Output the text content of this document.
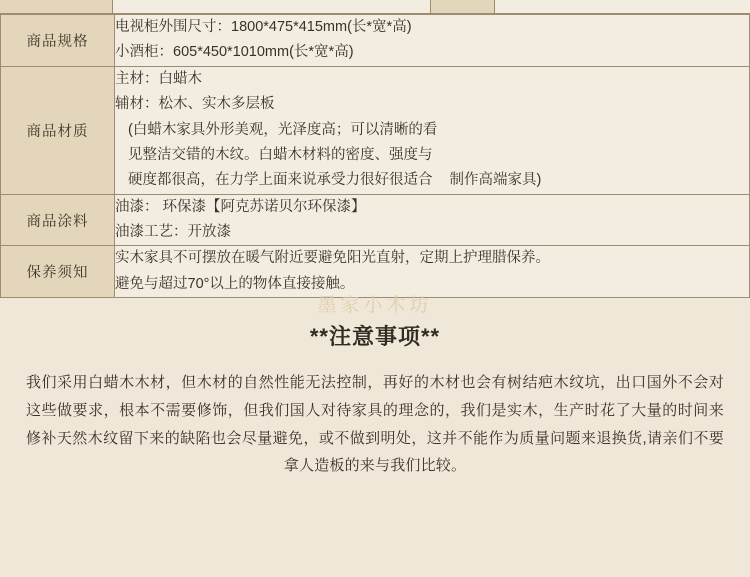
商品规格	电视柜外围尺寸：1800*475*415mm(长*宽*高)
小酒柜：605*450*1010mm(长*宽*高)

商品材质	主材：白蜡木
辅材：松木、实木多层板
(白蜡木家具外形美观，光泽度高；可以清晰的看 见整洁交错的木纹。白蜡木材料的密度、强度与 硬度都很高，在力学上面来说承受力很好很适合 制作高端家具)
商品涂料	油漆： 环保漆【阿克苏诺贝尔环保漆】
油漆工艺：开放漆

保养须知	实木家具不可摆放在暖气附近要避免阳光直射，定期上护理腊保养。
避免与超过70°以上的物体直接接触。
墨家小木坊
**注意事项**

我们采用白蜡木木材，但木材的自然性能无法控制，再好的木材也会有树结疤木纹坑，出口国外不会对这些做要求，根本不需要修饰，但我们国人对待家具的理念的，我们是实木，生产时花了大量的时间来修补天然木纹留下来的缺陷也会尽量避免，或不做到明处，这并不能作为质量问题来退换货,请亲们不要拿人造板的来与我们比较。
